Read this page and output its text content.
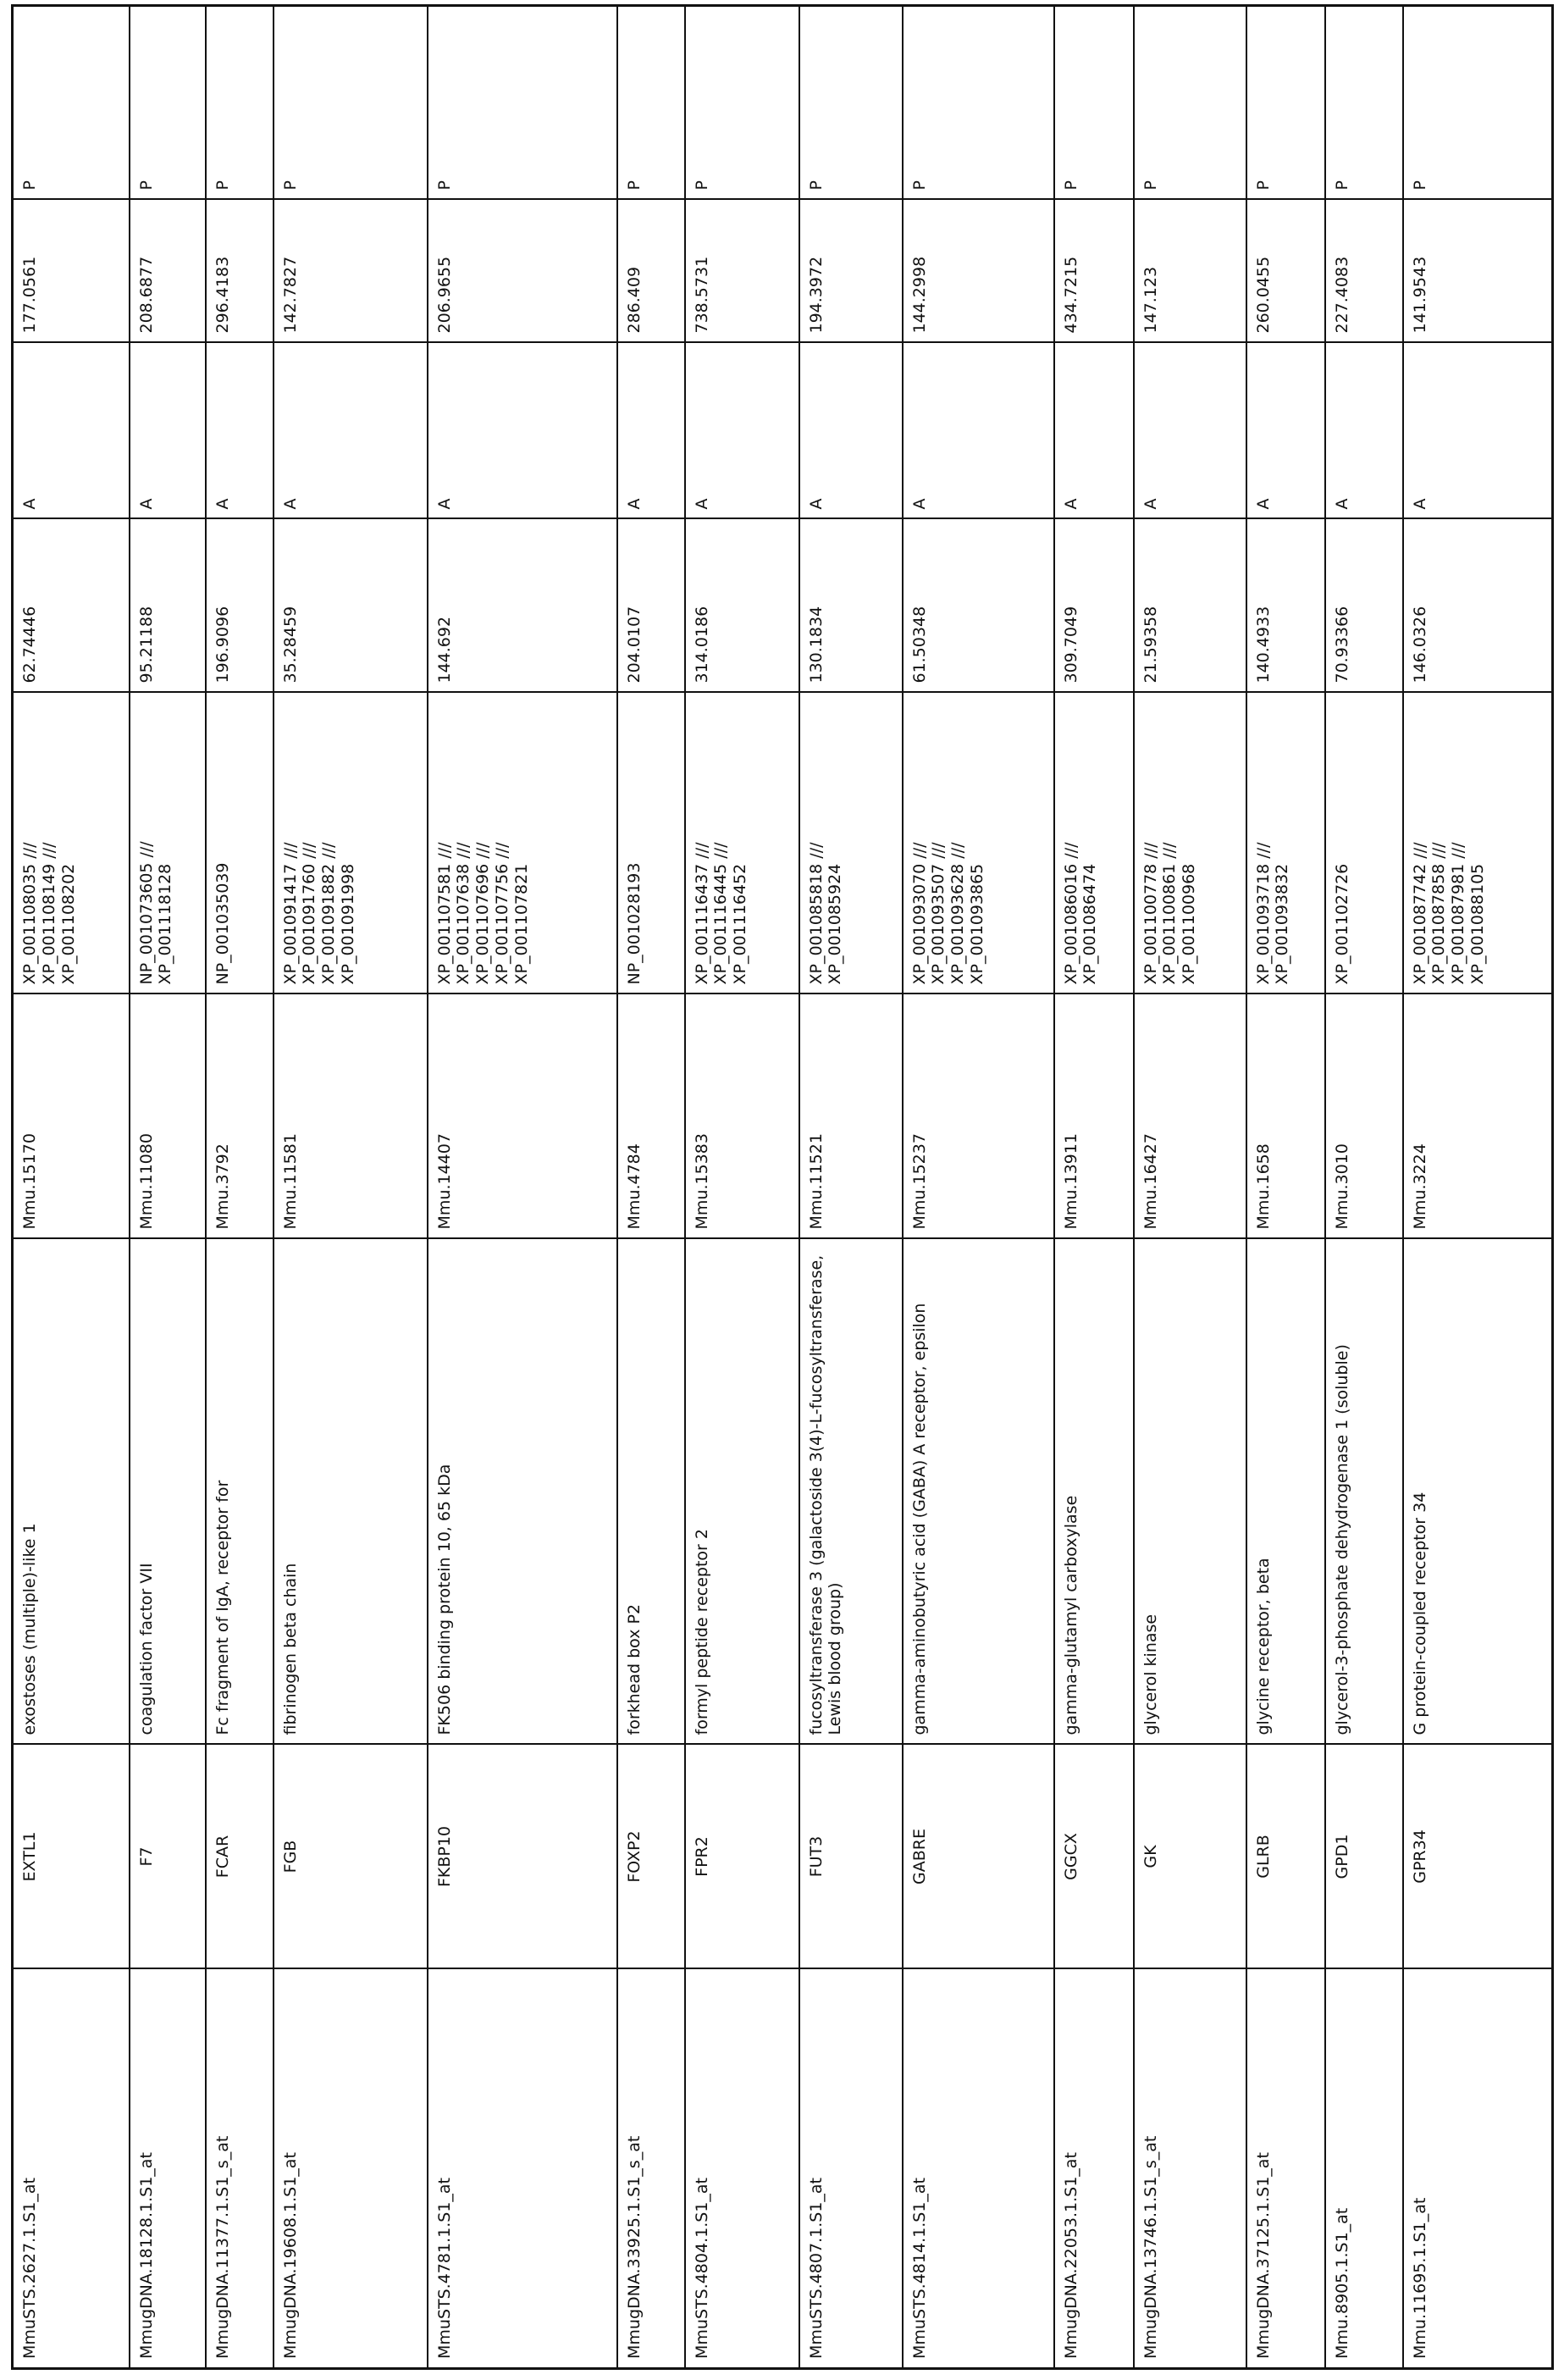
MmuSTS.2627.1.S1_at	EXTL1	exostoses (multiple)-like 1	Mmu.15170	XP_001108035 ///
XP_001108149 ///
XP_001108202	62.74446	A	177.0561	P
MmugDNA.18128.1.S1_at	F7	coagulation factor VII	Mmu.11080	NP_001073605 ///
XP_001118128	95.21188	A	208.6877	P
MmugDNA.11377.1.S1_s_at	FCAR	Fc fragment of IgA, receptor for	Mmu.3792	NP_001035039	196.9096	A	296.4183	P
MmugDNA.19608.1.S1_at	FGB	fibrinogen beta chain	Mmu.11581	XP_001091417 ///
XP_001091760 ///
XP_001091882 ///
XP_001091998	35.28459	A	142.7827	P
MmuSTS.4781.1.S1_at	FKBP10	FK506 binding protein 10, 65 kDa	Mmu.14407	XP_001107581 ///
XP_001107638 ///
XP_001107696 ///
XP_001107756 ///
XP_001107821	144.692	A	206.9655	P
MmugDNA.33925.1.S1_s_at	FOXP2	forkhead box P2	Mmu.4784	NP_001028193	204.0107	A	286.409	P
MmuSTS.4804.1.S1_at	FPR2	formyl peptide receptor 2	Mmu.15383	XP_001116437 ///
XP_001116445 ///
XP_001116452	314.0186	A	738.5731	P
MmuSTS.4807.1.S1_at	FUT3	fucosyltransferase 3 (galactoside 3(4)-L-fucosyltransferase, Lewis blood group)	Mmu.11521	XP_001085818 ///
XP_001085924	130.1834	A	194.3972	P
MmuSTS.4814.1.S1_at	GABRE	gamma-aminobutyric acid (GABA) A receptor, epsilon	Mmu.15237	XP_001093070 ///
XP_001093507 ///
XP_001093628 ///
XP_001093865	61.50348	A	144.2998	P
MmugDNA.22053.1.S1_at	GGCX	gamma-glutamyl carboxylase	Mmu.13911	XP_001086016 ///
XP_001086474	309.7049	A	434.7215	P
MmugDNA.13746.1.S1_s_at	GK	glycerol kinase	Mmu.16427	XP_001100778 ///
XP_001100861 ///
XP_001100968	21.59358	A	147.123	P
MmugDNA.37125.1.S1_at	GLRB	glycine receptor, beta	Mmu.1658	XP_001093718 ///
XP_001093832	140.4933	A	260.0455	P
Mmu.8905.1.S1_at	GPD1	glycerol-3-phosphate dehydrogenase 1 (soluble)	Mmu.3010	XP_001102726	70.93366	A	227.4083	P
Mmu.11695.1.S1_at	GPR34	G protein-coupled receptor 34	Mmu.3224	XP_001087742 ///
XP_001087858 ///
XP_001087981 ///
XP_001088105	146.0326	A	141.9543	P
